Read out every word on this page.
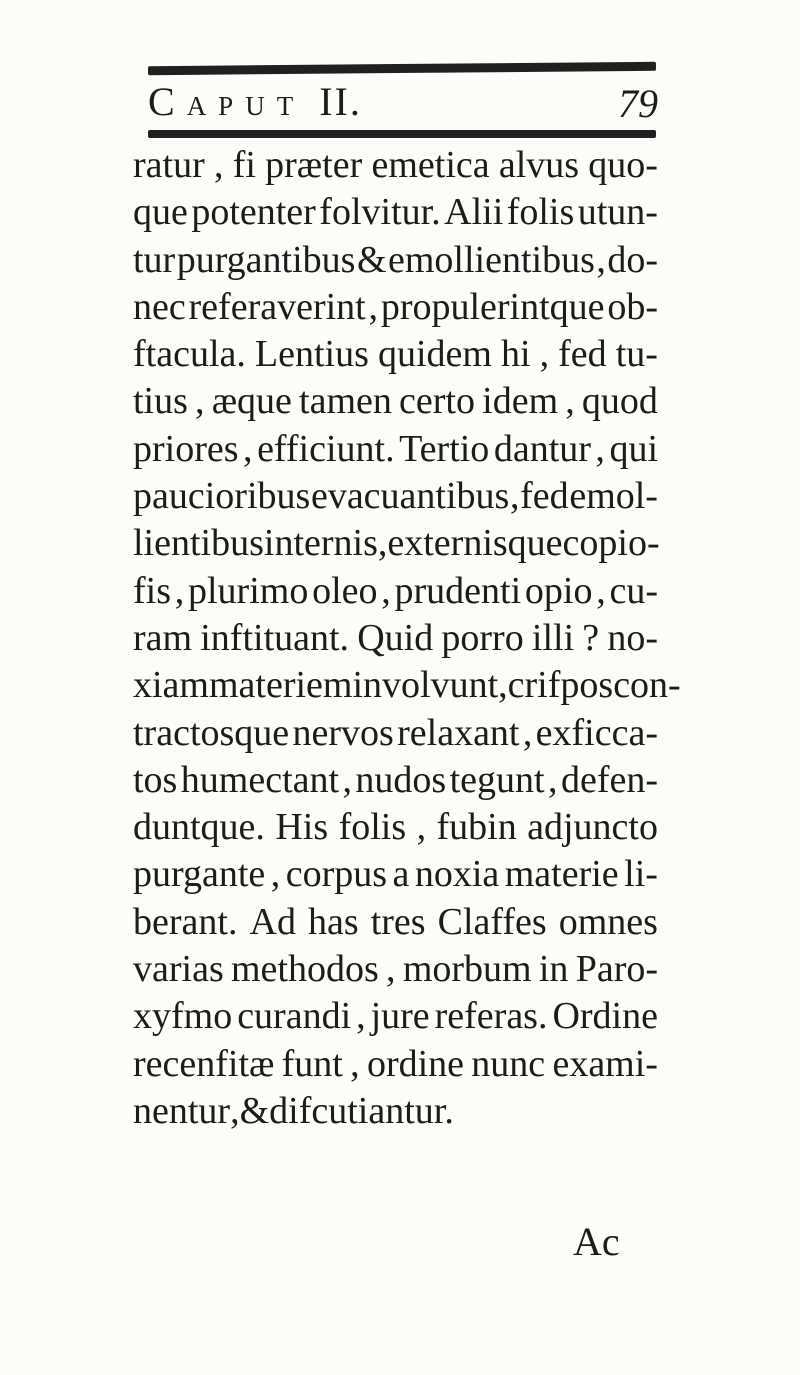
CAPUT II.	79
ratur , fi præter emetica alvus quo-
que potenter folvitur. Alii folis utun-
tur purgantibus & emollientibus , do-
nec referaverint , propulerintque ob-
ftacula. Lentius quidem hi , fed tu-
tius , æque tamen certo idem , quod
priores , efficiunt. Tertio dantur , qui
paucioribus evacuantibus , fed emol-
lientibus internis , externisque copio-
fis , plurimo oleo , prudenti opio , cu-
ram inftituant. Quid porro illi ? no-
xiam materiem involvunt , crifpos con-
tractosque nervos relaxant , exficca-
tos humectant , nudos tegunt , defen-
duntque. His folis , fubin adjuncto
purgante , corpus a noxia materie li-
berant. Ad has tres Claffes omnes
varias methodos , morbum in Paro-
xyfmo curandi , jure referas. Ordine
recenfitæ funt , ordine nunc exami-
nentur , & difcutiantur.
Ac
